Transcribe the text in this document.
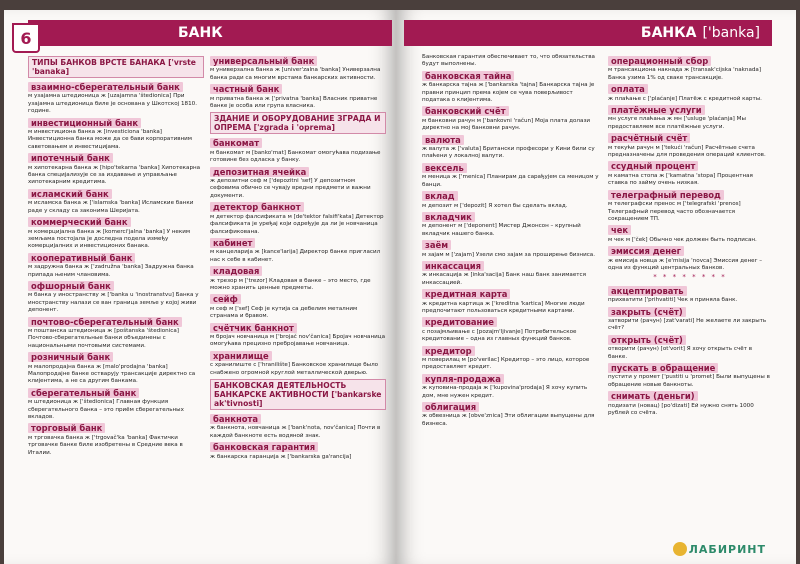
БАНК
6
ТИПЫ БАНКОВ ВРСТЕ БАНАКА ['vrste 'banaka]
взаимно-сберегательный банк

м узајамна штедионица ж [uzajamna 'štedionica] При узајамна штедионица биле је основана у Шкотској 1810. године.

инвестиционный банк

м инвестициона банка ж [investiciona 'banka] Инвестиционна банка може да се бави корпоративним саветовањем и инвестицијама.

ипотечный банк

м хипотекарна банка ж [hipo'tekarna 'banka] Хипотекарна банка специјализује се за издавање и управљање хипотекарним кредитима.

исламский банк

м исламска банка ж ['islamska 'banka] Исламские банки раде у складу са законима Шеријата.

коммерческий банк

м комерцијална банка ж [komerci'jalna 'banka] У неким земљама постојала је доследна подела између комерцијалних и инвестиционих банака.

кооперативный банк

м задружна банка ж ['zadružna 'banka] Задружна банка припада њеним члановима.

офшорный банк

м банка у иностранству ж ['banka u 'inostranstvu] Банка у иностранству налази се ван граница земље у којој живи депонент.

почтово-сберегательный банк

м поштанска штедионица ж [poštanska 'štedionica] Почтово-сберегательные банки объединены с национальными почтовыми системами.

розничный банк

м малопродајна банка ж [malo'prodajna 'banka] Малопродајне банке остварују трансакције директно са клијентима, а не са другим банкама.

сберегательный банк

м штедионица ж ['štedionica] Главная функция сберегательного банка – это приём сберегательных вкладов.

торговый банк

м трговачка банка ж ['trgovač'ka 'banka] Фактички трговачке банке биле изобретены в Средние века в Италии.

универсальный банк

м универзална банка ж [univer'zalna 'banka] Универзална банка ради са многим врстама банкарских активности.

частный банк

м приватна банка ж ['privatna 'banka] Власник приватне банке је особа или група власника.

ЗДАНИЕ И ОБОРУДОВАНИЕ ЗГРАДА И ОПРЕМА ['zgrada i 'oprema]
банкомат

м банкомат м [banko'mat] Банкомат омогућава подизање готовине без одласка у банку.

депозитная ячейка

ж депозитни сеф м ['depozitni 'sef] У депозитном сефовима обично се чувају вредни предмети и важни документи.

детектор банкнот

м детектор фалсификата м [de'tektor falsifi'kata] Детектор фалсификата је уређај који одређује да ли је новчаница фалсификована.

кабинет

м канцеларија ж [kance'larija] Директор банке пригласил нас к себе в кабинет.

кладовая

ж трезор м ['trezor] Кладовая в банке – это место, где можно хранить ценные предметы.

сейф

м сеф м ['sef] Сеф је кутија са дебелим металним странама и бравом.

счётчик банкнот

м бројач новчаница м ['brojač nov'čanica] Бројач новчаница омогућава прецизно пребројавање новчаница.

хранилище

с хранилиште с ['hranilište] Банковское хранилище было снабжено огромной круглой металлической дверью.

БАНКОВСКАЯ ДЕЯТЕЛЬНОСТЬ БАНКАРСКЕ АКТИВНОСТИ ['bankarske ak'tivnosti]
банкнота

ж банкнота, новчаница ж ['bank'nota, nov'čanica] Почти в каждой банкноте есть водяной знак.

банковская гарантия

ж банкарска гаранција ж ['bankarska ga'rancija]

БАНКА ['banka]

Банковская гарантия обеспечивает то, что обязательства будут выполнены.

банковская тайна

ж банкарска тајна ж ['bankarska 'tajna] Банкарска тајна је правни принцип према којем се чува поверљивост података о клијентима.

банковский счёт

м банковни рачун м ['bankovni 'račun] Моја плата долази директно на мој банковни рачун.

валюта

ж валута ж ['valuta] Британски професори у Кини били су плаћени у локалној валути.

вексель

м меница ж ['menica] Планирам да сарађујем са меницом у банци.

вклад

м депозит м ['depozit] Я хотел бы сделать вклад.

вкладчик

м депонент м ['deponent] Мистер Джонсон – крупный вкладчик нашего банка.

заём

м зајам м ['zajam] Узели смо зајам за проширење бизниса.

инкассация

ж инкасација ж [inka'sacija] Банк наш банк занимается инкассацией.

кредитная карта

ж кредитна картица ж ['kreditna 'kartica] Многие люди предпочитают пользоваться кредитными картами.

кредитование

с позајмљивање с [pozajm'ljivanje] Потребительское кредитование – одна из главных функций банков.

кредитор

м поверилац м [po'verilac] Кредитор – это лицо, которое предоставляет кредит.

купля-продажа

ж куповина-продаја ж ['kupovina'prodaja] Я хочу купить дом, мне нужен кредит.

облигация

ж обвезница ж [obve'znica] Эти облигации выпущены для бизнеса.

операционный сбор

м трансакциона накнада ж [transak'cijska 'naknada] Банка узима 1% од сваке трансакције.

оплата

ж плаћање с ['plaćanje] Платёж с кредитной карты.

платёжные услуги

мн услуге плаћања ж мн ['usluge 'plaćanja] Мы предоставляем все платёжные услуги.

расчётный счёт

м текући рачун м ['tekući 'račun] Расчётные счета предназначены для проведения операций клиентов.

ссудный процент

м каматна стопа ж ['kamatna 'stopa] Процентная ставка по займу очень низкая.

телеграфный перевод

м телеграфски пренос м ['telegrafski 'prenos] Телеграфный перевод часто обозначается сокращением ТП.

чек

м чек м ['ček] Обычно чек должен быть подписан.

эмиссия денег

ж емисија новца ж [e'misija 'novca] Эмиссия денег – одна из функций центральных банков.

* * * * * * * *
акцептировать

прихватити ['prihvatiti] Чек я приняла банк.

закрыть (счёт)

затворити (рачун) [zat'varati] Не желаете ли закрыть счёт?

открыть (счёт)

отворити (рачун) [ot'vorit] Я хочу открыть счёт в банке.

пускать в обращение

пустити у промет ['pustiti u 'promet] Были выпущены в обращение новые банкноты.

снимать (деньги)

подизати (новац) [po'dizati] Ей нужно снять 1000 рублей со счёта.

ЛАБИРИНТ
